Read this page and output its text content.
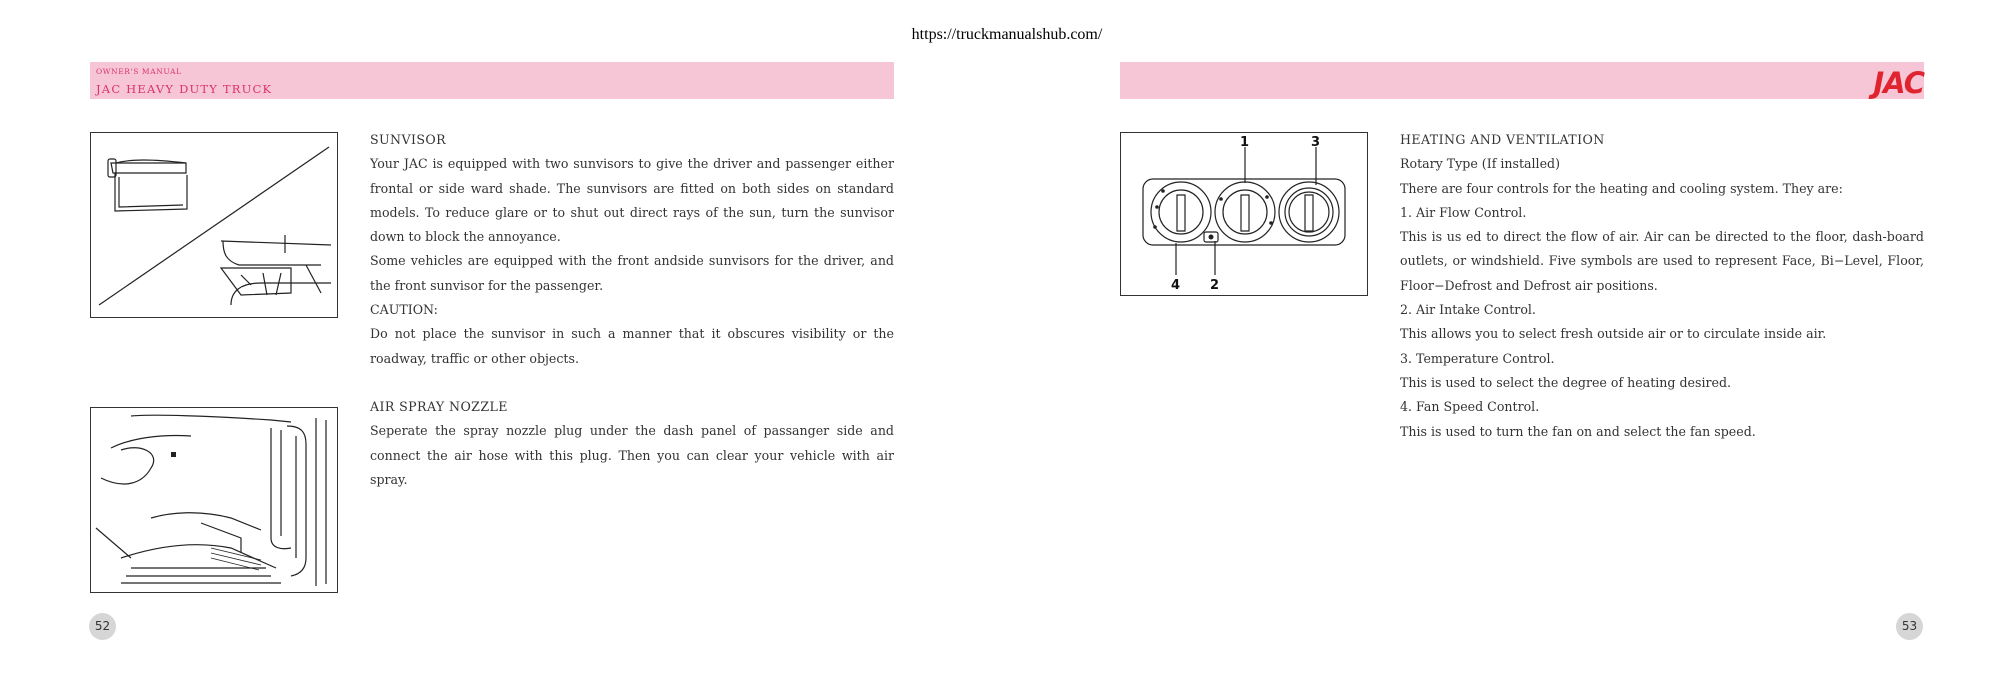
https://truckmanualshub.com/
OWNER'S MANUAL
JAC HEAVY DUTY TRUCK

SUNVISOR

Your JAC is equipped with two sunvisors to give the driver and passenger either frontal or side ward shade. The sunvisors are fitted on both sides on standard models. To reduce glare or to shut out direct rays of the sun, turn the sunvisor down to block the annoyance.

Some vehicles are equipped with the front andside sunvisors for the driver, and the front sunvisor for the passenger.

CAUTION:

Do not place the sunvisor in such a manner that it obscures visibility or the roadway, traffic or other objects.

AIR SPRAY NOZZLE

Seperate the spray nozzle plug under the dash panel of passanger side and connect the air hose with this plug. Then you can clear your vehicle with air spray.

52
JAC
1	3
4 2

HEATING AND VENTILATION

Rotary Type (If installed)

There are four controls for the heating and cooling system. They are:

1. Air Flow Control.

This is us ed to direct the flow of air. Air can be directed to the floor, dash-board outlets, or windshield. Five symbols are used to represent Face, Bi−Level, Floor, Floor−Defrost and Defrost air positions.

2. Air Intake Control.

This allows you to select fresh outside air or to circulate inside air.

3. Temperature Control.

This is used to select the degree of heating desired.

4. Fan Speed Control.

This is used to turn the fan on and select the fan speed.

53
